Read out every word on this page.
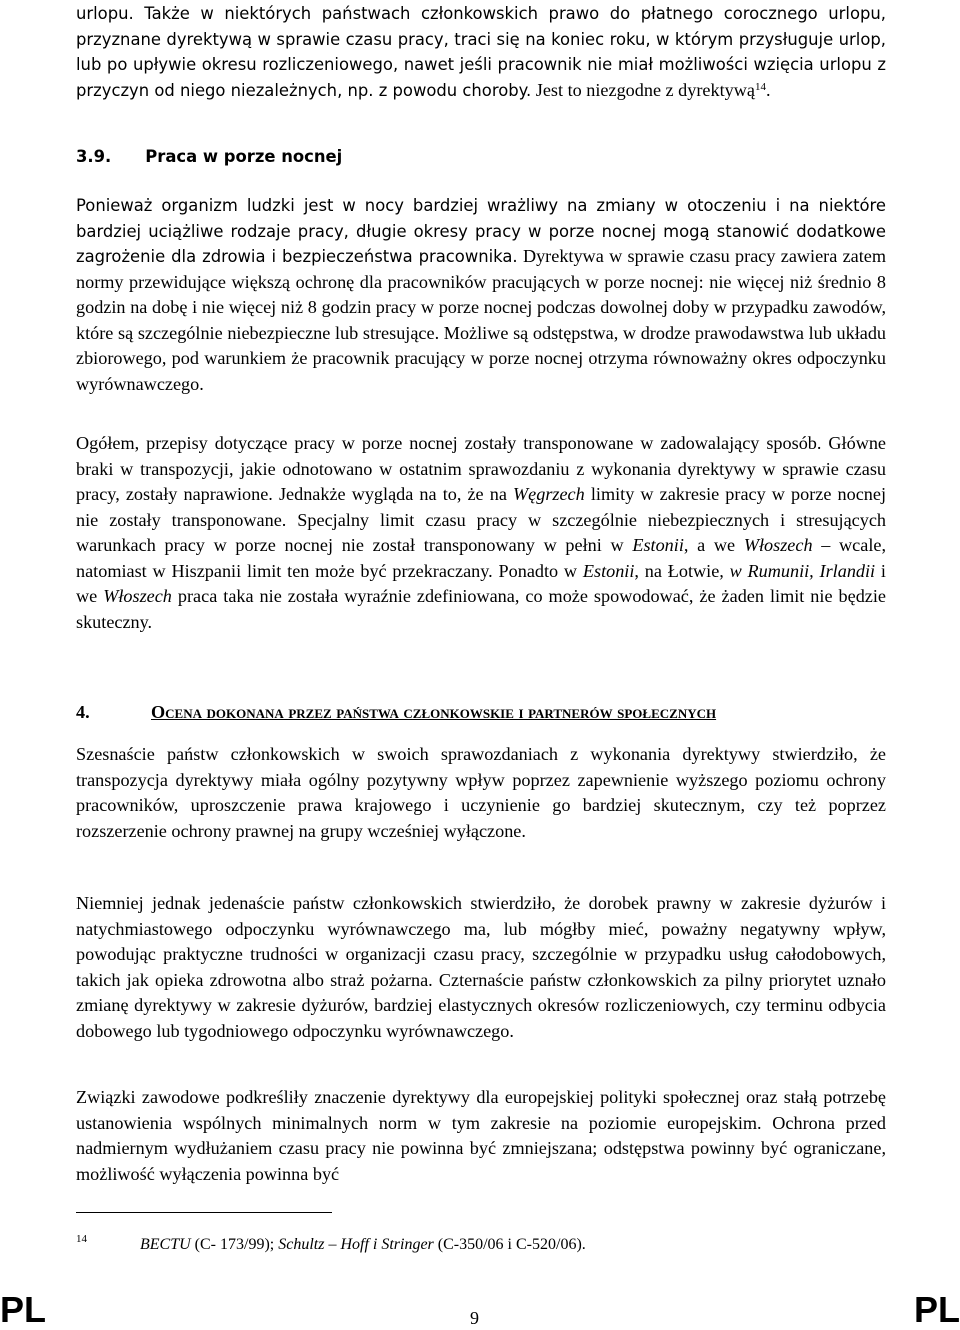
urlopu. Także w niektórych państwach członkowskich prawo do płatnego corocznego urlopu, przyznane dyrektywą w sprawie czasu pracy, traci się na koniec roku, w którym przysługuje urlop, lub po upływie okresu rozliczeniowego, nawet jeśli pracownik nie miał możliwości wzięcia urlopu z przyczyn od niego niezależnych, np. z powodu choroby. Jest to niezgodne z dyrektywą$^{14}$.

3.9. Praca w porze nocnej

Ponieważ organizm ludzki jest w nocy bardziej wrażliwy na zmiany w otoczeniu i na niektóre bardziej uciążliwe rodzaje pracy, długie okresy pracy w porze nocnej mogą stanowić dodatkowe zagrożenie dla zdrowia i bezpieczeństwa pracownika. Dyrektywa w sprawie czasu pracy zawiera zatem normy przewidujące większą ochronę dla pracowników pracujących w porze nocnej: nie więcej niż średnio 8 godzin na dobę i nie więcej niż 8 godzin pracy w porze nocnej podczas dowolnej doby w przypadku zawodów, które są szczególnie niebezpieczne lub stresujące. Możliwe są odstępstwa, w drodze prawodawstwa lub układu zbiorowego, pod warunkiem że pracownik pracujący w porze nocnej otrzyma równoważny okres odpoczynku wyrównawczego.

Ogółem, przepisy dotyczące pracy w porze nocnej zostały transponowane w zadowalający sposób. Główne braki w transpozycji, jakie odnotowano w ostatnim sprawozdaniu z wykonania dyrektywy w sprawie czasu pracy, zostały naprawione. Jednakże wygląda na to, że na Węgrzech limity w zakresie pracy w porze nocnej nie zostały transponowane. Specjalny limit czasu pracy w szczególnie niebezpiecznych i stresujących warunkach pracy w porze nocnej nie został transponowany w pełni w Estonii, a we Włoszech – wcale, natomiast w Hiszpanii limit ten może być przekraczany. Ponadto w Estonii, na Łotwie, w Rumunii, Irlandii i we Włoszech praca taka nie została wyraźnie zdefiniowana, co może spowodować, że żaden limit nie będzie skuteczny.

4.	Ocena dokonana przez państwa członkowskie i partnerów społecznych

Szesnaście państw członkowskich w swoich sprawozdaniach z wykonania dyrektywy stwierdziło, że transpozycja dyrektywy miała ogólny pozytywny wpływ poprzez zapewnienie wyższego poziomu ochrony pracowników, uproszczenie prawa krajowego i uczynienie go bardziej skutecznym, czy też poprzez rozszerzenie ochrony prawnej na grupy wcześniej wyłączone.

Niemniej jednak jedenaście państw członkowskich stwierdziło, że dorobek prawny w zakresie dyżurów i natychmiastowego odpoczynku wyrównawczego ma, lub mógłby mieć, poważny negatywny wpływ, powodując praktyczne trudności w organizacji czasu pracy, szczególnie w przypadku usług całodobowych, takich jak opieka zdrowotna albo straż pożarna. Czternaście państw członkowskich za pilny priorytet uznało zmianę dyrektywy w zakresie dyżurów, bardziej elastycznych okresów rozliczeniowych, czy terminu odbycia dobowego lub tygodniowego odpoczynku wyrównawczego.

Związki zawodowe podkreśliły znaczenie dyrektywy dla europejskiej polityki społecznej oraz stałą potrzebę ustanowienia wspólnych minimalnych norm w tym zakresie na poziomie europejskim. Ochrona przed nadmiernym wydłużaniem czasu pracy nie powinna być zmniejszana; odstępstwa powinny być ograniczane, możliwość wyłączenia powinna być

14	BECTU (C- 173/99); Schultz – Hoff i Stringer (C-350/06 i C-520/06).
PL	9	PL
